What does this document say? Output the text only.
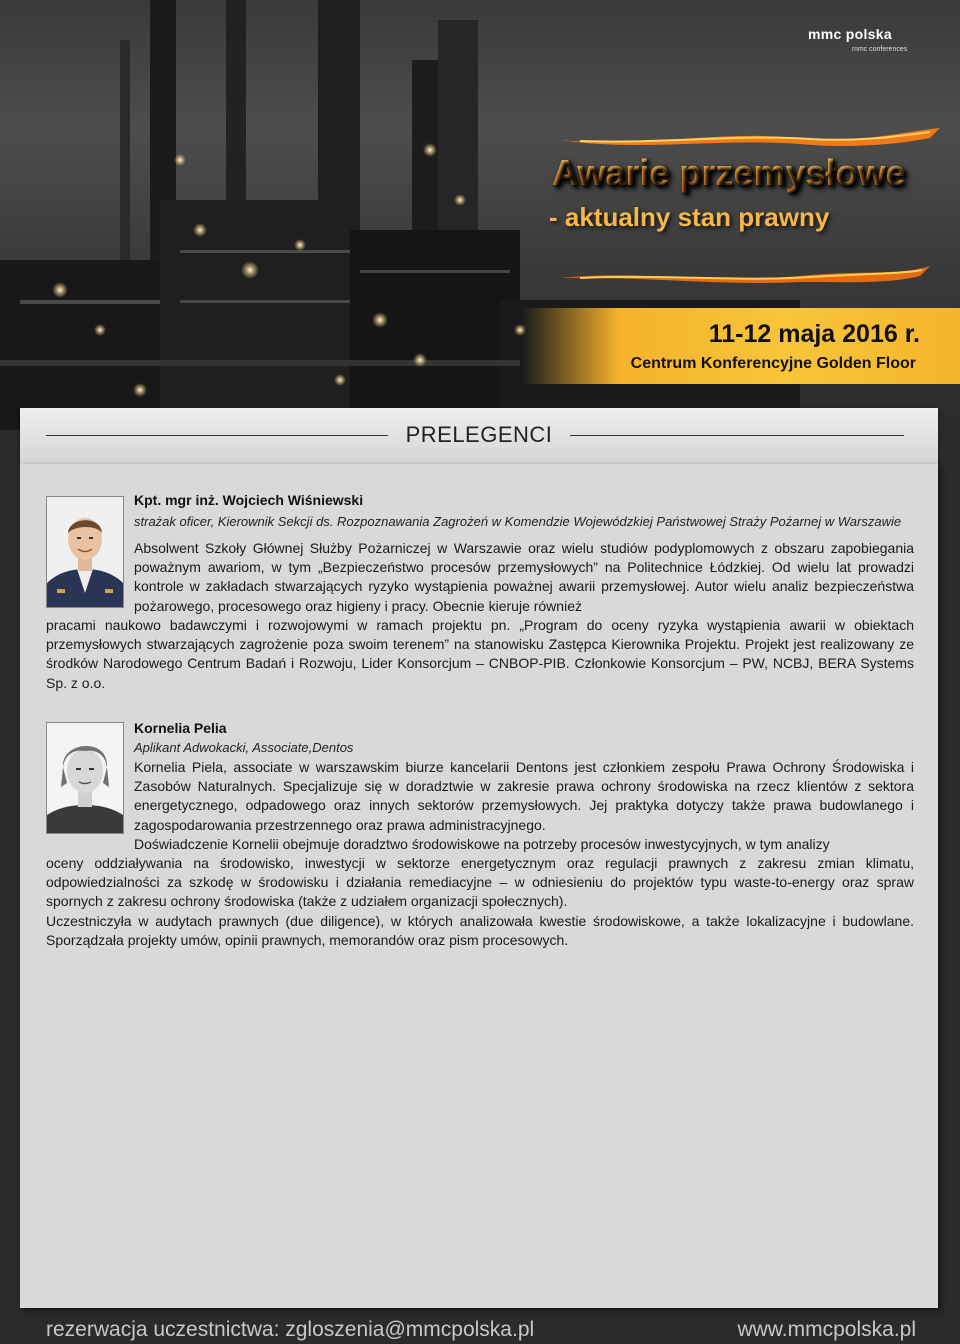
mmc polska
mmc conferences
Awarie przemysłowe
- aktualny stan prawny
11-12 maja 2016 r.
Centrum Konferencyjne Golden Floor
PRELEGENCI
Kpt. mgr inż. Wojciech Wiśniewski

strażak oficer, Kierownik Sekcji ds. Rozpoznawania Zagrożeń w Komendzie Wojewódzkiej Państwowej Straży Pożarnej w Warszawie

Absolwent Szkoły Głównej Służby Pożarniczej w Warszawie oraz wielu studiów podyplomowych z obszaru zapobiegania poważnym awariom, w tym „Bezpieczeństwo procesów przemysłowych” na Politechnice Łódzkiej. Od wielu lat prowadzi kontrole w zakładach stwarzających ryzyko wystąpienia poważnej awarii przemysłowej. Autor wielu analiz bezpieczeństwa pożarowego, procesowego oraz higieny i pracy. Obecnie kieruje również

pracami naukowo badawczymi i rozwojowymi w ramach projektu pn. „Program do oceny ryzyka wystąpienia awarii w obiektach przemysłowych stwarzających zagrożenie poza swoim terenem” na stanowisku Zastępca Kierownika Projektu. Projekt jest realizowany ze środków Narodowego Centrum Badań i Rozwoju, Lider Konsorcjum – CNBOP-PIB. Członkowie Konsorcjum – PW, NCBJ, BERA Systems Sp. z o.o.

Kornelia Pelia

Aplikant Adwokacki, Associate,Dentos

Kornelia Piela, associate w warszawskim biurze kancelarii Dentons jest członkiem zespołu Prawa Ochrony Środowiska i Zasobów Naturalnych. Specjalizuje się w doradztwie w zakresie prawa ochrony środowiska na rzecz klientów z sektora energetycznego, odpadowego oraz innych sektorów przemysłowych. Jej praktyka dotyczy także prawa budowlanego i zagospodarowania przestrzennego oraz prawa administracyjnego.

Doświadczenie Kornelii obejmuje doradztwo środowiskowe na potrzeby procesów inwestycyjnych, w tym analizy

oceny oddziaływania na środowisko, inwestycji w sektorze energetycznym oraz regulacji prawnych z zakresu zmian klimatu, odpowiedzialności za szkodę w środowisku i działania remediacyjne – w odniesieniu do projektów typu waste-to-energy oraz spraw spornych z zakresu ochrony środowiska (także z udziałem organizacji społecznych).

Uczestniczyła w audytach prawnych (due diligence), w których analizowała kwestie środowiskowe, a także lokalizacyjne i budowlane. Sporządzała projekty umów, opinii prawnych, memorandów oraz pism procesowych.

rezerwacja uczestnictwa: zgloszenia@mmcpolska.pl	www.mmcpolska.pl
